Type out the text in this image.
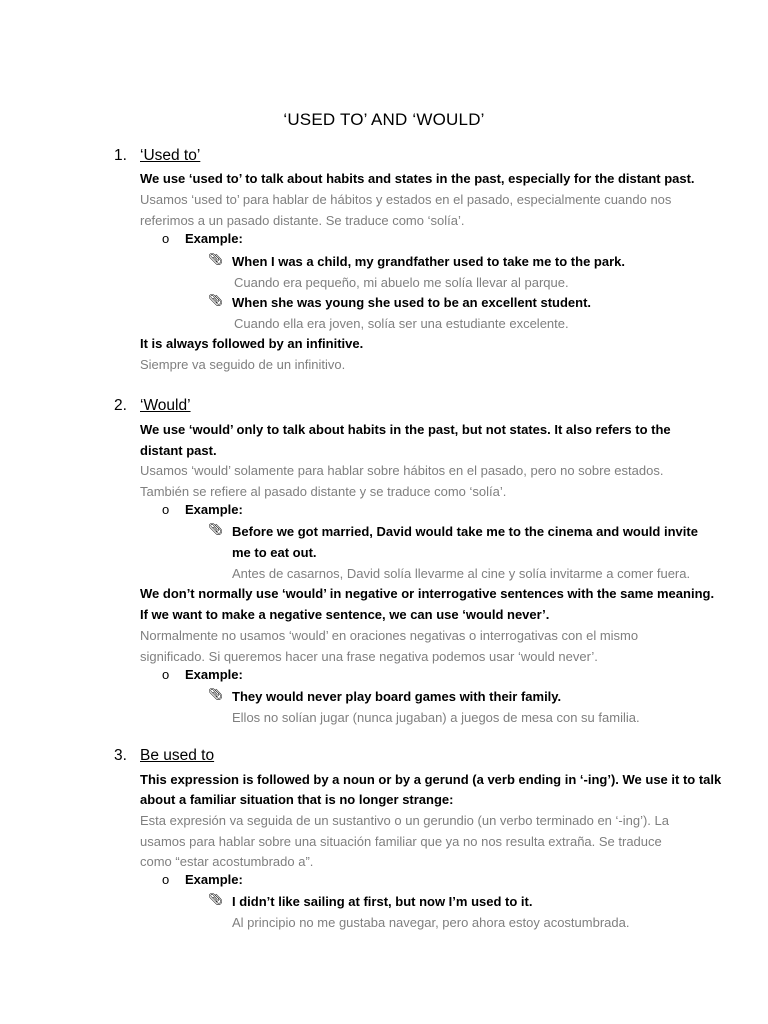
‘USED TO’ AND ‘WOULD’
1. ‘Used to’
We use ‘used to’ to talk about habits and states in the past, especially for the distant past.
Usamos ‘used to’ para hablar de hábitos y estados en el pasado, especialmente cuando nos
referimos a un pasado distante. Se traduce como ‘solía’.
o Example:
📎︎ When I was a child, my grandfather used to take me to the park.
Cuando era pequeño, mi abuelo me solía llevar al parque.
📎︎ When she was young she used to be an excellent student.
Cuando ella era joven, solía ser una estudiante excelente.
It is always followed by an infinitive.
Siempre va seguido de un infinitivo.
2. ‘Would’
We use ‘would’ only to talk about habits in the past, but not states. It also refers to the
distant past.
Usamos ‘would’ solamente para hablar sobre hábitos en el pasado, pero no sobre estados.
También se refiere al pasado distante y se traduce como ‘solía’.
o Example:
📎︎ Before we got married, David would take me to the cinema and would invite
me to eat out.
Antes de casarnos, David solía llevarme al cine y solía invitarme a comer fuera.
We don’t normally use ‘would’ in negative or interrogative sentences with the same meaning.
If we want to make a negative sentence, we can use ‘would never’.
Normalmente no usamos ‘would’ en oraciones negativas o interrogativas con el mismo
significado. Si queremos hacer una frase negativa podemos usar ‘would never’.
o Example:
📎︎ They would never play board games with their family.
Ellos no solían jugar (nunca jugaban) a juegos de mesa con su familia.
3. Be used to
This expression is followed by a noun or by a gerund (a verb ending in ‘-ing’). We use it to talk
about a familiar situation that is no longer strange:
Esta expresión va seguida de un sustantivo o un gerundio (un verbo terminado en ‘-ing’). La
usamos para hablar sobre una situación familiar que ya no nos resulta extraña. Se traduce
como “estar acostumbrado a”.
o Example:
📎︎ I didn’t like sailing at first, but now I’m used to it.
Al principio no me gustaba navegar, pero ahora estoy acostumbrada.
